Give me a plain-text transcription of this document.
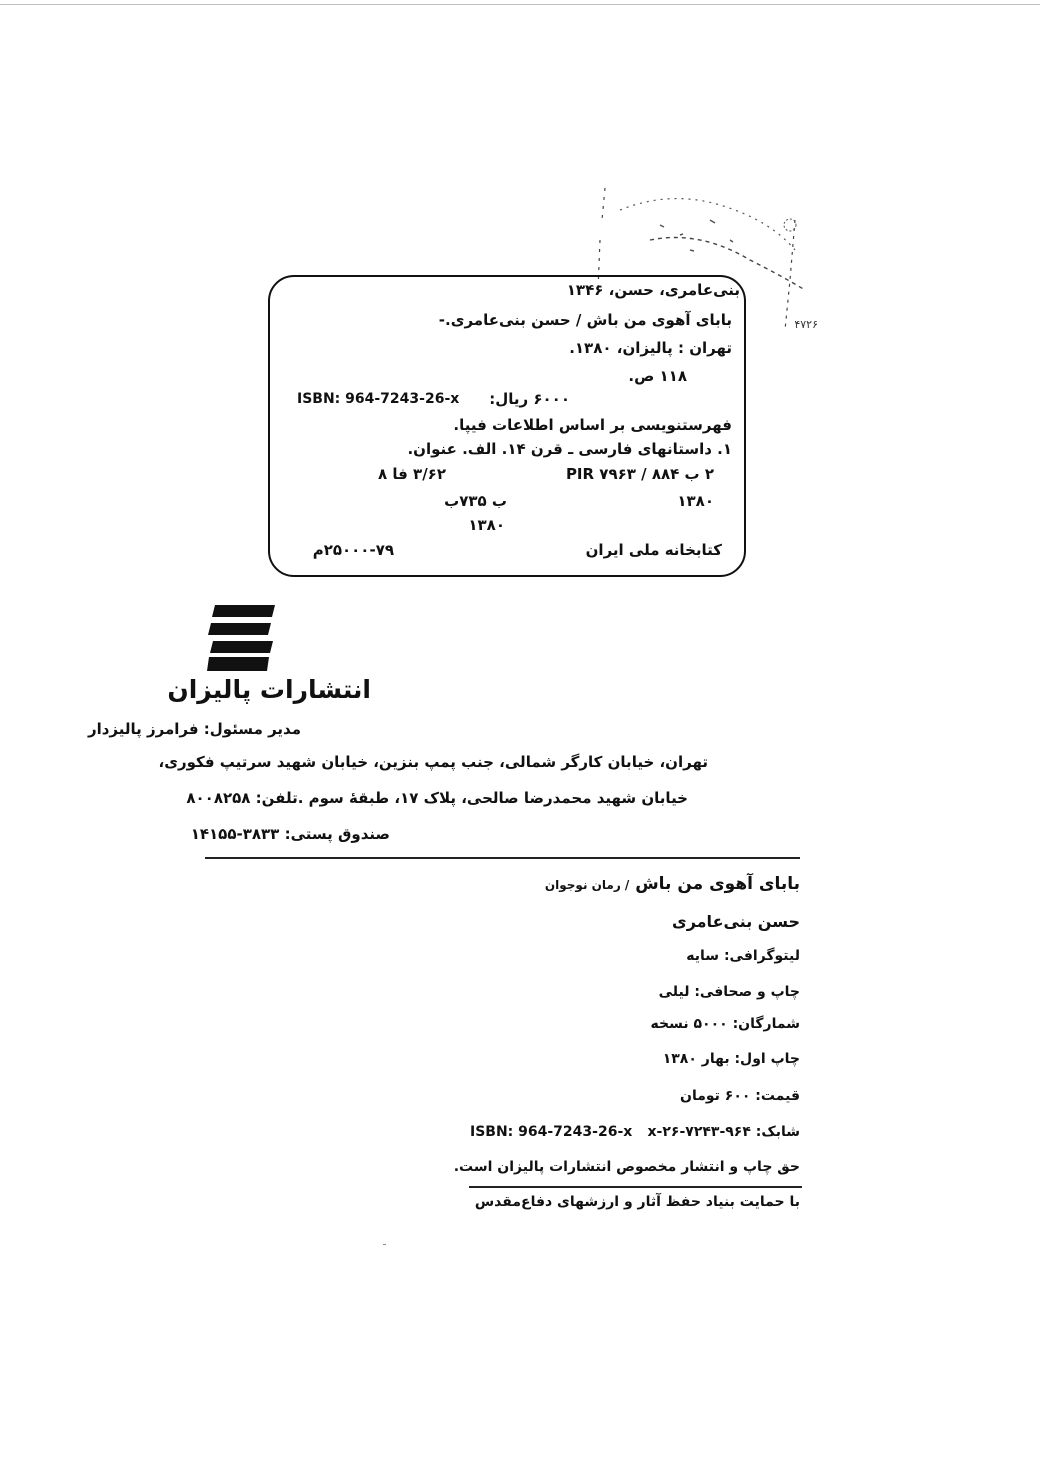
۴۷۲۶
بنی‌عامری، حسن، ۱۳۴۶
بابای آهوی من باش / حسن بنی‌عامری.-
تهران : پالیزان، ۱۳۸۰.
۱۱۸ ص.
۶۰۰۰ ریال:
ISBN: 964-7243-26-x
فهرستنویسی بر اساس اطلاعات فیپا.
۱. داستانهای فارسی ـ قرن ۱۴. الف. عنوان.
۲ ب ۸۸۴ / PIR ۷۹۶۳
۳/۶۲ فا ۸
۱۳۸۰
ب ۷۳۵ب
۱۳۸۰
کتابخانه ملی ایران
۲۵۰۰۰-۷۹م
انتشارات پالیزان
مدیر مسئول: فرامرز پالیزدار
تهران، خیابان کارگر شمالی، جنب پمپ بنزین، خیابان شهید سرتیپ فکوری،
خیابان شهید محمدرضا صالحی، پلاک ۱۷، طبقهٔ سوم .تلفن: ۸۰۰۸۲۵۸
صندوق پستی: ۳۸۳۳-۱۴۱۵۵
بابای آهوی من باش / رمان نوجوان
حسن بنی‌عامری
لیتوگرافی: سایه
چاپ و صحافی: لیلی
شمارگان: ۵۰۰۰ نسخه
چاپ اول: بهار ۱۳۸۰
قیمت: ۶۰۰ تومان
شابک: x-۲۶-۷۲۴۳-۹۶۴
ISBN: 964-7243-26-x
حق چاپ و انتشار مخصوص انتشارات پالیزان است.
با حمایت بنیاد حفظ آثار و ارزشهای دفاع‌مقدس
